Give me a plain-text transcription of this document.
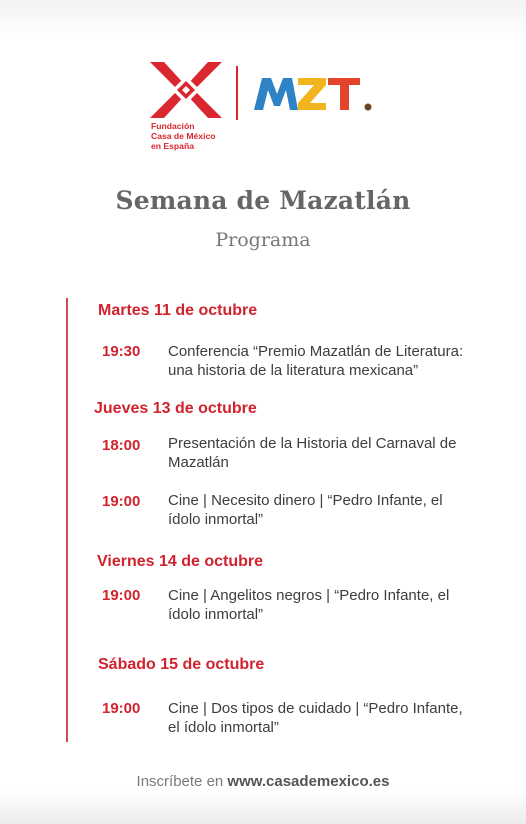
Fundación
Casa de México
en España
Semana de Mazatlán
Programa
Martes 11 de octubre
19:30 Conferencia “Premio Mazatlán de Literatura:
una historia de la literatura mexicana”
Jueves 13 de octubre
18:00 Presentación de la Historia del Carnaval de
Mazatlán
19:00 Cine | Necesito dinero | “Pedro Infante, el
ídolo inmortal”
Viernes 14 de octubre
19:00 Cine | Angelitos negros | “Pedro Infante, el
ídolo inmortal”
Sábado 15 de octubre
19:00 Cine | Dos tipos de cuidado | “Pedro Infante,
el ídolo inmortal”
Inscríbete en www.casademexico.es
